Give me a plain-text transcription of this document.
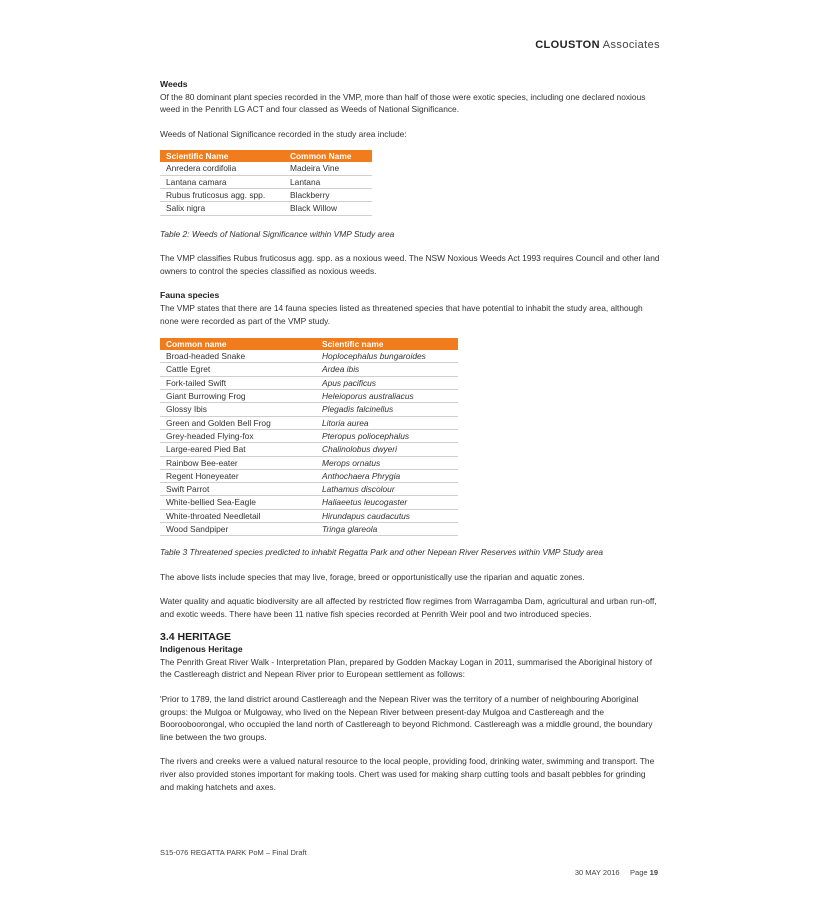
CLOUSTON Associates
Weeds

Of the 80 dominant plant species recorded in the VMP, more than half of those were exotic species, including one declared noxious weed in the Penrith LG ACT and four classed as Weeds of National Significance.

Weeds of National Significance recorded in the study area include:

Scientific Name	Common Name
Anredera cordifolia	Madeira Vine
Lantana camara	Lantana
Rubus fruticosus agg. spp.	Blackberry
Salix nigra	Black Willow

Table 2: Weeds of National Significance within VMP Study area

The VMP classifies Rubus fruticosus agg. spp. as a noxious weed. The NSW Noxious Weeds Act 1993 requires Council and other land owners to control the species classified as noxious weeds.

Fauna species

The VMP states that there are 14 fauna species listed as threatened species that have potential to inhabit the study area, although none were recorded as part of the VMP study.

Common name	Scientific name
Broad-headed Snake	Hoplocephalus bungaroides
Cattle Egret	Ardea ibis
Fork-tailed Swift	Apus pacificus
Giant Burrowing Frog	Heleioporus australiacus
Glossy Ibis	Plegadis falcinellus
Green and Golden Bell Frog	Litoria aurea
Grey-headed Flying-fox	Pteropus poliocephalus
Large-eared Pied Bat	Chalinolobus dwyeri
Rainbow Bee-eater	Merops ornatus
Regent Honeyeater	Anthochaera Phrygia
Swift Parrot	Lathamus discolour
White-bellied Sea-Eagle	Haliaeetus leucogaster
White-throated Needletail	Hirundapus caudacutus
Wood Sandpiper	Tringa glareola

Table 3 Threatened species predicted to inhabit Regatta Park and other Nepean River Reserves within VMP Study area

The above lists include species that may live, forage, breed or opportunistically use the riparian and aquatic zones.

Water quality and aquatic biodiversity are all affected by restricted flow regimes from Warragamba Dam, agricultural and urban run-off, and exotic weeds. There have been 11 native fish species recorded at Penrith Weir pool and two introduced species.

3.4 HERITAGE
Indigenous Heritage

The Penrith Great River Walk - Interpretation Plan, prepared by Godden Mackay Logan in 2011, summarised the Aboriginal history of the Castlereagh district and Nepean River prior to European settlement as follows:

'Prior to 1789, the land district around Castlereagh and the Nepean River was the territory of a number of neighbouring Aboriginal groups: the Mulgoa or Mulgoway, who lived on the Nepean River between present-day Mulgoa and Castlereagh and the Boorooboorongal, who occupied the land north of Castlereagh to beyond Richmond. Castlereagh was a middle ground, the boundary line between the two groups.

The rivers and creeks were a valued natural resource to the local people, providing food, drinking water, swimming and transport. The river also provided stones important for making tools. Chert was used for making sharp cutting tools and basalt pebbles for grinding and making hatchets and axes.

S15-076 REGATTA PARK PoM – Final Draft
30 MAY 2016 Page 19
